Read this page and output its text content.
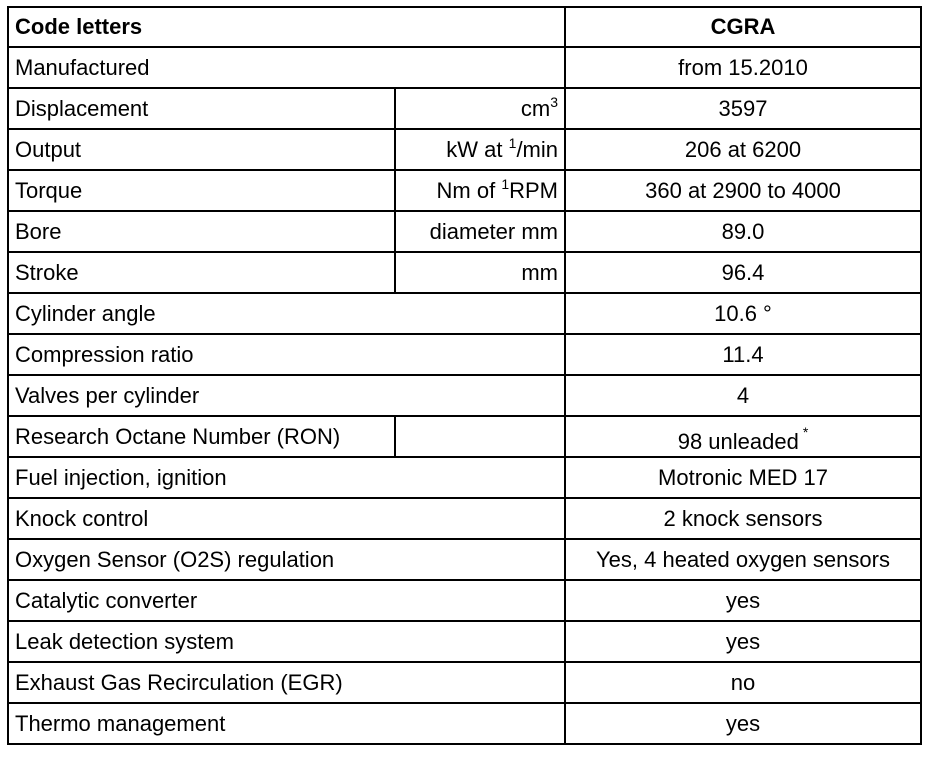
Code letters		CGRA
Manufactured		from 15.2010
Displacement	$cm^3$	3597
Output	kW at $^1$/min	206 at 6200
Torque	Nm of $^1$RPM	360 at 2900 to 4000
Bore	diameter mm	89.0
Stroke	mm	96.4
Cylinder angle		10.6 °
Compression ratio		11.4
Valves per cylinder		4
Research Octane Number (RON)		98 unleaded *
Fuel injection, ignition		Motronic MED 17
Knock control		2 knock sensors
Oxygen Sensor (O2S) regulation		Yes, 4 heated oxygen sensors
Catalytic converter		yes
Leak detection system		yes
Exhaust Gas Recirculation (EGR)		no
Thermo management		yes
